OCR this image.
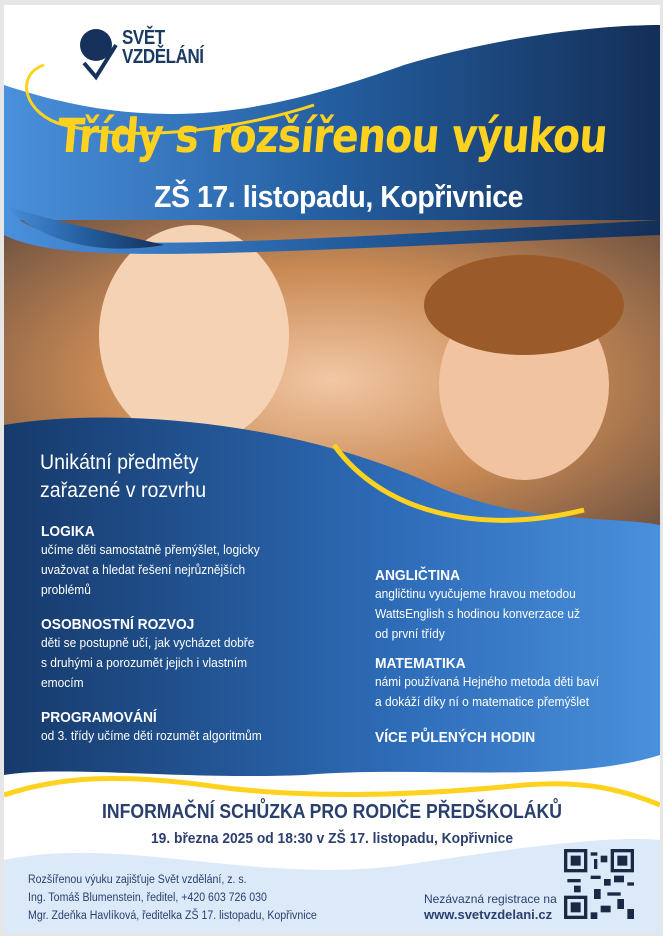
SVĚT
VZDĚLÁNÍ
Třídy s rozšířenou výukou
ZŠ 17. listopadu, Kopřivnice
Unikátní předměty
zařazené v rozvrhu
LOGIKA

učíme děti samostatně přemýšlet, logicky

uvažovat a hledat řešení nejrůznějších

problémů

OSOBNOSTNÍ ROZVOJ

děti se postupně učí, jak vycházet dobře

s druhými a porozumět jejich i vlastním

emocím

PROGRAMOVÁNÍ

od 3. třídy učíme děti rozumět algoritmům

ANGLIČTINA

angličtinu vyučujeme hravou metodou

WattsEnglish s hodinou konverzace už

od první třídy

MATEMATIKA

námi používaná Hejného metoda děti baví

a dokáží díky ní o matematice přemýšlet

VÍCE PŮLENÝCH HODIN
INFORMAČNÍ SCHŮZKA PRO RODIČE PŘEDŠKOLÁKŮ
19. března 2025 od 18:30 v ZŠ 17. listopadu, Kopřivnice
Rozšířenou výuku zajišťuje Svět vzdělání, z. s.
Ing. Tomáš Blumenstein, ředitel, +420 603 726 030
Mgr. Zdeňka Havlíková, ředitelka ZŠ 17. listopadu, Kopřivnice
Nezávazná registrace na
www.svetvzdelani.cz
